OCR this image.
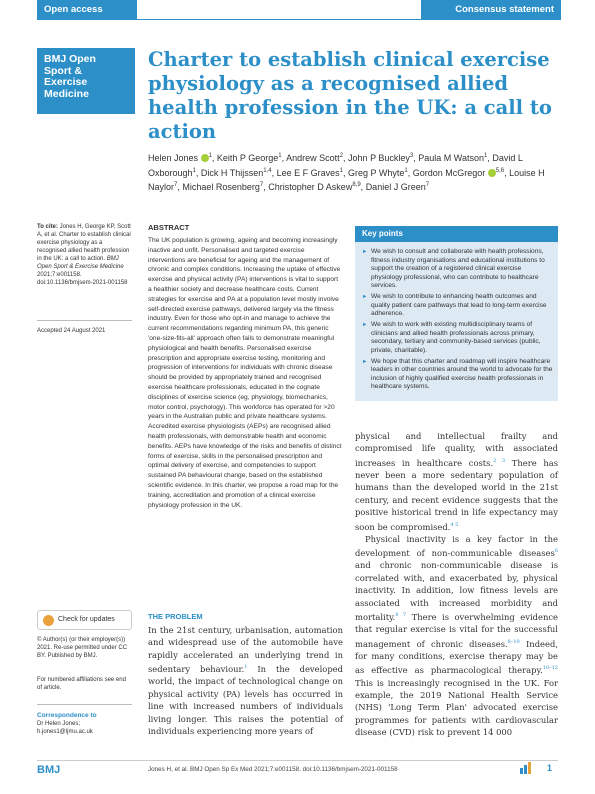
Open access	Consensus statement
BMJ Open
Sport &
Exercise
Medicine
Charter to establish clinical exercise physiology as a recognised allied health profession in the UK: a call to action
Helen Jones $^1$, Keith P George$^1$, Andrew Scott$^2$, John P Buckley$^3$, Paula M Watson$^1$, David L Oxborough$^1$, Dick H Thijssen$^{1,4}$, Lee E F Graves$^1$, Greg P Whyte$^1$, Gordon McGregor $^{5,6}$, Louise H Naylor$^7$, Michael Rosenberg$^7$, Christopher D Askew$^{8,9}$, Daniel J Green$^7$
To cite: Jones H, George KP, Scott A, et al. Charter to establish clinical exercise physiology as a recognised allied health profession in the UK: a call to action. BMJ Open Sport & Exercise Medicine 2021;7:e001158. doi:10.1136/bmjsem-2021-001158
Accepted 24 August 2021
Check for updates
© Author(s) (or their employer(s)) 2021. Re-use permitted under CC BY. Published by BMJ.
For numbered affiliations see end of article.
Correspondence to
Dr Helen Jones;
h.jones1@ljmu.ac.uk
ABSTRACT

The UK population is growing, ageing and becoming increasingly inactive and unfit. Personalised and targeted exercise interventions are beneficial for ageing and the management of chronic and complex conditions. Increasing the uptake of effective exercise and physical activity (PA) interventions is vital to support a healthier society and decrease healthcare costs. Current strategies for exercise and PA at a population level mostly involve self-directed exercise pathways, delivered largely via the fitness industry. Even for those who opt-in and manage to achieve the current recommendations regarding minimum PA, this generic 'one-size-fits-all' approach often fails to demonstrate meaningful physiological and health benefits. Personalised exercise prescription and appropriate exercise testing, monitoring and progression of interventions for individuals with chronic disease should be provided by appropriately trained and recognised exercise healthcare professionals, educated in the cognate disciplines of exercise science (eg, physiology, biomechanics, motor control, psychology). This workforce has operated for >20 years in the Australian public and private healthcare systems. Accredited exercise physiologists (AEPs) are recognised allied health professionals, with demonstrable health and economic benefits. AEPs have knowledge of the risks and benefits of distinct forms of exercise, skills in the personalised prescription and optimal delivery of exercise, and competencies to support sustained PA behavioural change, based on the established scientific evidence. In this charter, we propose a road map for the training, accreditation and promotion of a clinical exercise physiology profession in the UK.

Key points
► We wish to consult and collaborate with health professions, fitness industry organisations and educational institutions to support the creation of a registered clinical exercise physiology professional, who can contribute to healthcare services.
► We wish to contribute to enhancing health outcomes and quality patient care pathways that lead to long-term exercise adherence.
► We wish to work with existing multidisciplinary teams of clinicians and allied health professionals across primary, secondary, tertiary and community-based services (public, private, charitable).
► We hope that this charter and roadmap will inspire healthcare leaders in other countries around the world to advocate for the inclusion of highly qualified exercise health professionals in healthcare systems.

physical and intellectual frailty and compromised life quality, with associated increases in healthcare costs.$^{2 3}$ There has never been a more sedentary population of humans than the developed world in the 21st century, and recent evidence suggests that the positive historical trend in life expectancy may soon be compromised.$^{4 5}$

Physical inactivity is a key factor in the development of non-communicable diseases$^6$ and chronic non-communicable disease is correlated with, and exacerbated by, physical inactivity. In addition, low fitness levels are associated with increased morbidity and mortality.$^{6 7}$ There is overwhelming evidence that regular exercise is vital for the successful management of chronic diseases.$^{8-10}$ Indeed, for many conditions, exercise therapy may be as effective as pharmacological therapy.$^{10-12}$ This is increasingly recognised in the UK. For example, the 2019 National Health Service (NHS) 'Long Term Plan' advocated exercise programmes for patients with cardiovascular disease (CVD) risk to prevent 14 000

THE PROBLEM

In the 21st century, urbanisation, automation and widespread use of the automobile have rapidly accelerated an underlying trend in sedentary behaviour.$^1$ In the developed world, the impact of technological change on physical activity (PA) levels has occurred in line with increased numbers of individuals living longer. This raises the potential of individuals experiencing more years of

BMJ	Jones H, et al. BMJ Open Sp Ex Med 2021;7:e001158. doi:10.1136/bmjsem-2021-001158	1
